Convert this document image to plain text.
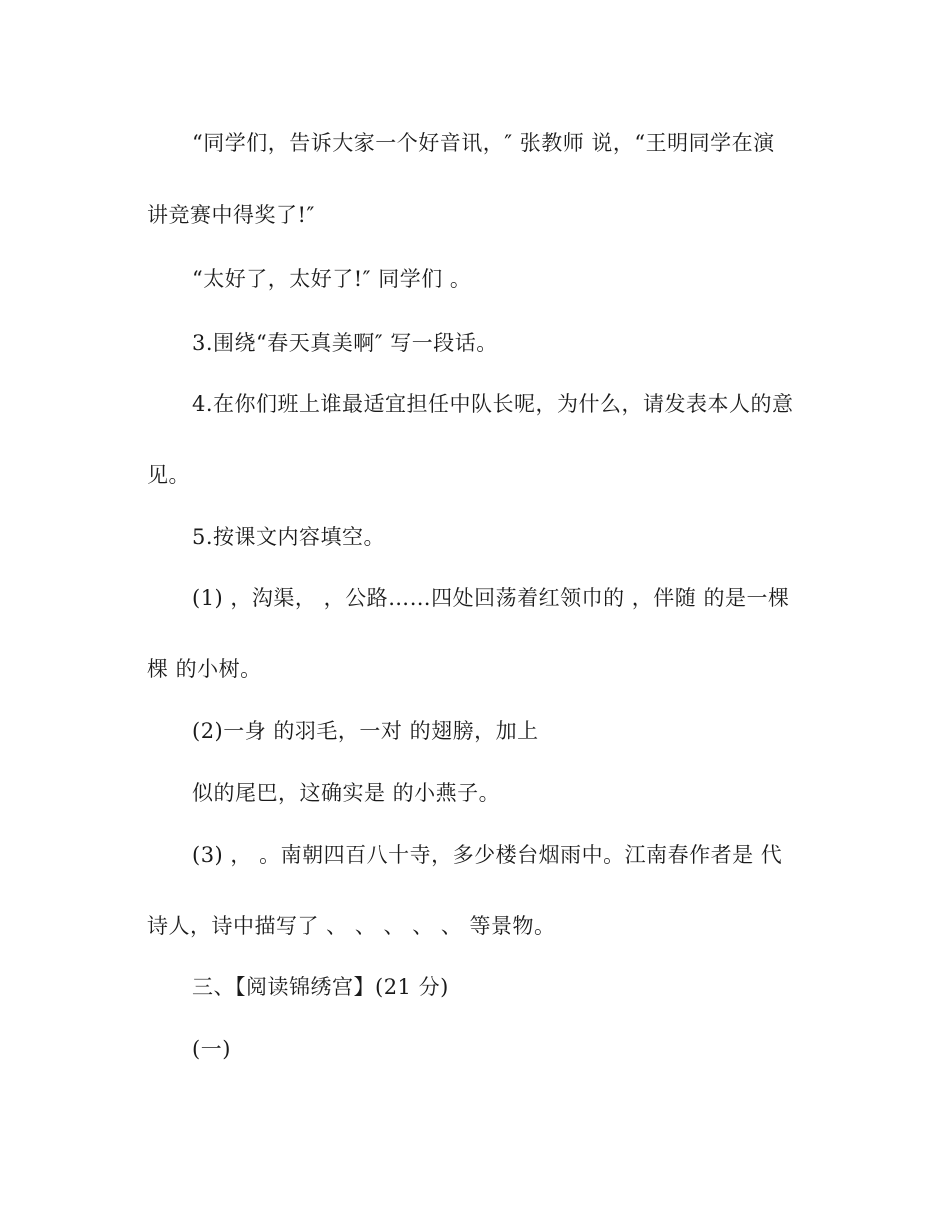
“同学们，告诉大家一个好音讯，″ 张教师 说，“王明同学在演
讲竞赛中得奖了!″
“太好了，太好了!″ 同学们 。
3.围绕“春天真美啊″ 写一段话。
4.在你们班上谁最适宜担任中队长呢，为什么，请发表本人的意
见。
5.按课文内容填空。
(1) ，沟渠， ，公路……四处回荡着红领巾的 ，伴随 的是一棵
棵 的小树。
(2)一身 的羽毛，一对 的翅膀，加上
似的尾巴，这确实是 的小燕子。
(3) ， 。南朝四百八十寺，多少楼台烟雨中。江南春作者是 代
诗人，诗中描写了 、 、 、 、 、 等景物。
三、【阅读锦绣宫】(21 分)
(一)
